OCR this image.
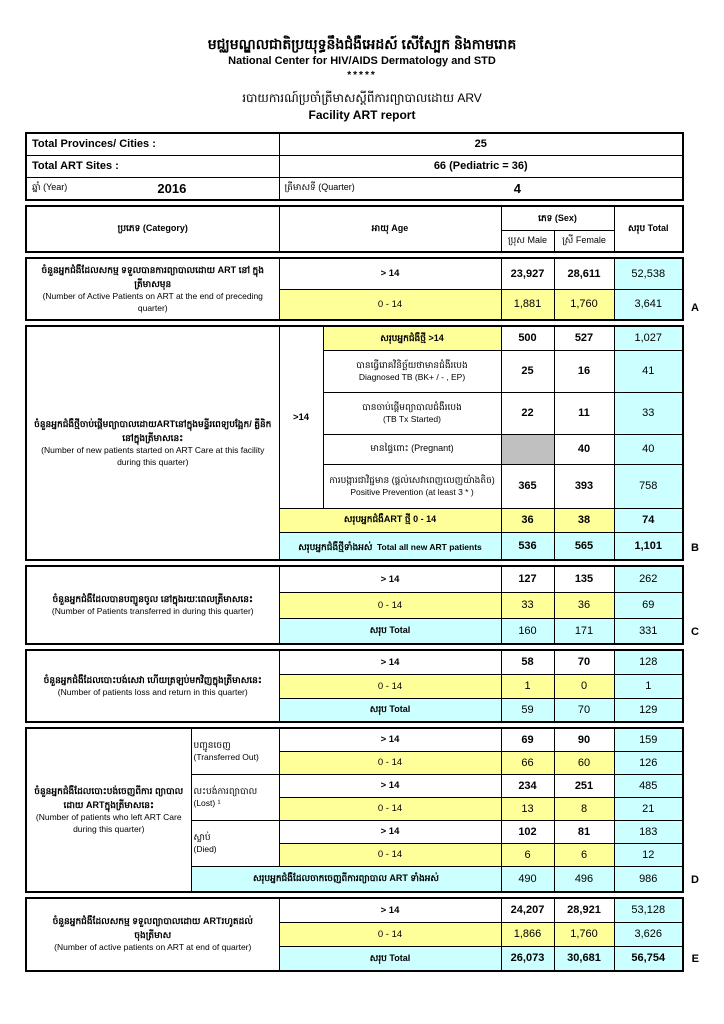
មជ្ឈមណ្ឌលជាតិប្រយុទ្ធនឹងជំងឺអេដស៍ សើស្បែក និងកាមរោគ
National Center for HIV/AIDS Dermatology and STD
*****
របាយការណ៍ប្រចាំត្រីមាសស្តីពីការព្យាបាលដោយ ARV
Facility ART report
Total Provinces/ Cities :	25
Total ART Sites :	66 (Pediatric = 36)

ឆ្នាំ (Year) 2016	ត្រីមាសទី (Quarter) 4
ប្រភេទ (Category)	អាយុ Age	ភេទ (Sex)		សរុប Total
		ប្រុស Male	ស្រី Female	
ចំនួនអ្នកជំងឺដែលសកម្ម ទទួលបានការព្យាបាលដោយ ART នៅ ក្នុង
ត្រីមាសមុន
(Number of Active Patients on ART at the end of preceding quarter)	> 14	23,927	28,611	52,538
	0 - 14	1,881	1,760	3,641	A
ចំនួនអ្នកជំងឺថ្មីចាប់ផ្តើមព្យាបាលដោយARTនៅក្នុងមន្ទីរពេទ្យបង្អែក/ គ្លីនិក នៅក្នុងត្រីមាសនេះ
(Number of new patients started on ART Care at this facility during this quarter)	>14	សរុបអ្នកជំងឺថ្មី >14	500	527	1,027

		បានធ្វើរោគវិនិច្ឆ័យថាមានជំងឺរបេង
Diagnosed TB (BK+ / - , EP)	25	16	41

		បានចាប់ផ្តើមព្យាបាលជំងឺរបេង
(TB Tx Started)	22	11	33
		មានផ្ទៃពោះ (Pregnant)		40	40

		ការបង្ការជាវិជ្ជមាន (ផ្តល់សេវាពេញលេញយ៉ាងតិច)
Positive Prevention (at least 3 * )	365	393	758
	សរុបអ្នកជំងឺART ថ្មី 0 - 14		36	38	74
	សរុបអ្នកជំងឺថ្មីទាំងអស់ Total all new ART patients		536	565	1,101	B
ចំនួនអ្នកជំងឺដែលបានបញ្ជូនចូល នៅក្នុងរយៈពេលត្រីមាសនេះ
(Number of Patients transferred in during this quarter)	> 14	127	135	262
	0 - 14	33	36	69
	សរុប Total	160	171	331	C
ចំនួនអ្នកជំងឺដែលបោះបង់សេវា ហើយត្រឡប់មកវិញក្នុងត្រីមាសនេះ
(Number of patients loss and return in this quarter)	> 14	58	70	128
	0 - 14	1	0	1
	សរុប Total	59	70	129
ចំនួនអ្នកជំងឺដែលបោះបង់ចេញពីការ ព្យាបាល
ដោយ ARTក្នុងត្រីមាសនេះ
(Number of patients who left ART Care during this quarter)	បញ្ជូនចេញ
(Transferred Out)	> 14	69	90	159
		0 - 14	66	60	126

	លះបង់ការព្យាបាល
(Lost) ¹	> 14	234	251	485
		0 - 14	13	8	21

	ស្លាប់
(Died)	> 14	102	81	183
		0 - 14	6	6	12
	សរុបអ្នកជំងឺដែលចាកចេញពីការព្យាបាល ART ទាំងអស់		490	496	986	D
ចំនួនអ្នកជំងឺដែលសកម្ម ទទួលព្យាបាលដោយ ARTរហូតដល់
ចុងត្រីមាស
(Number of active patients on ART at end of quarter)	> 14	24,207	28,921	53,128
	0 - 14	1,866	1,760	3,626
	សរុប Total	26,073	30,681	56,754 E
